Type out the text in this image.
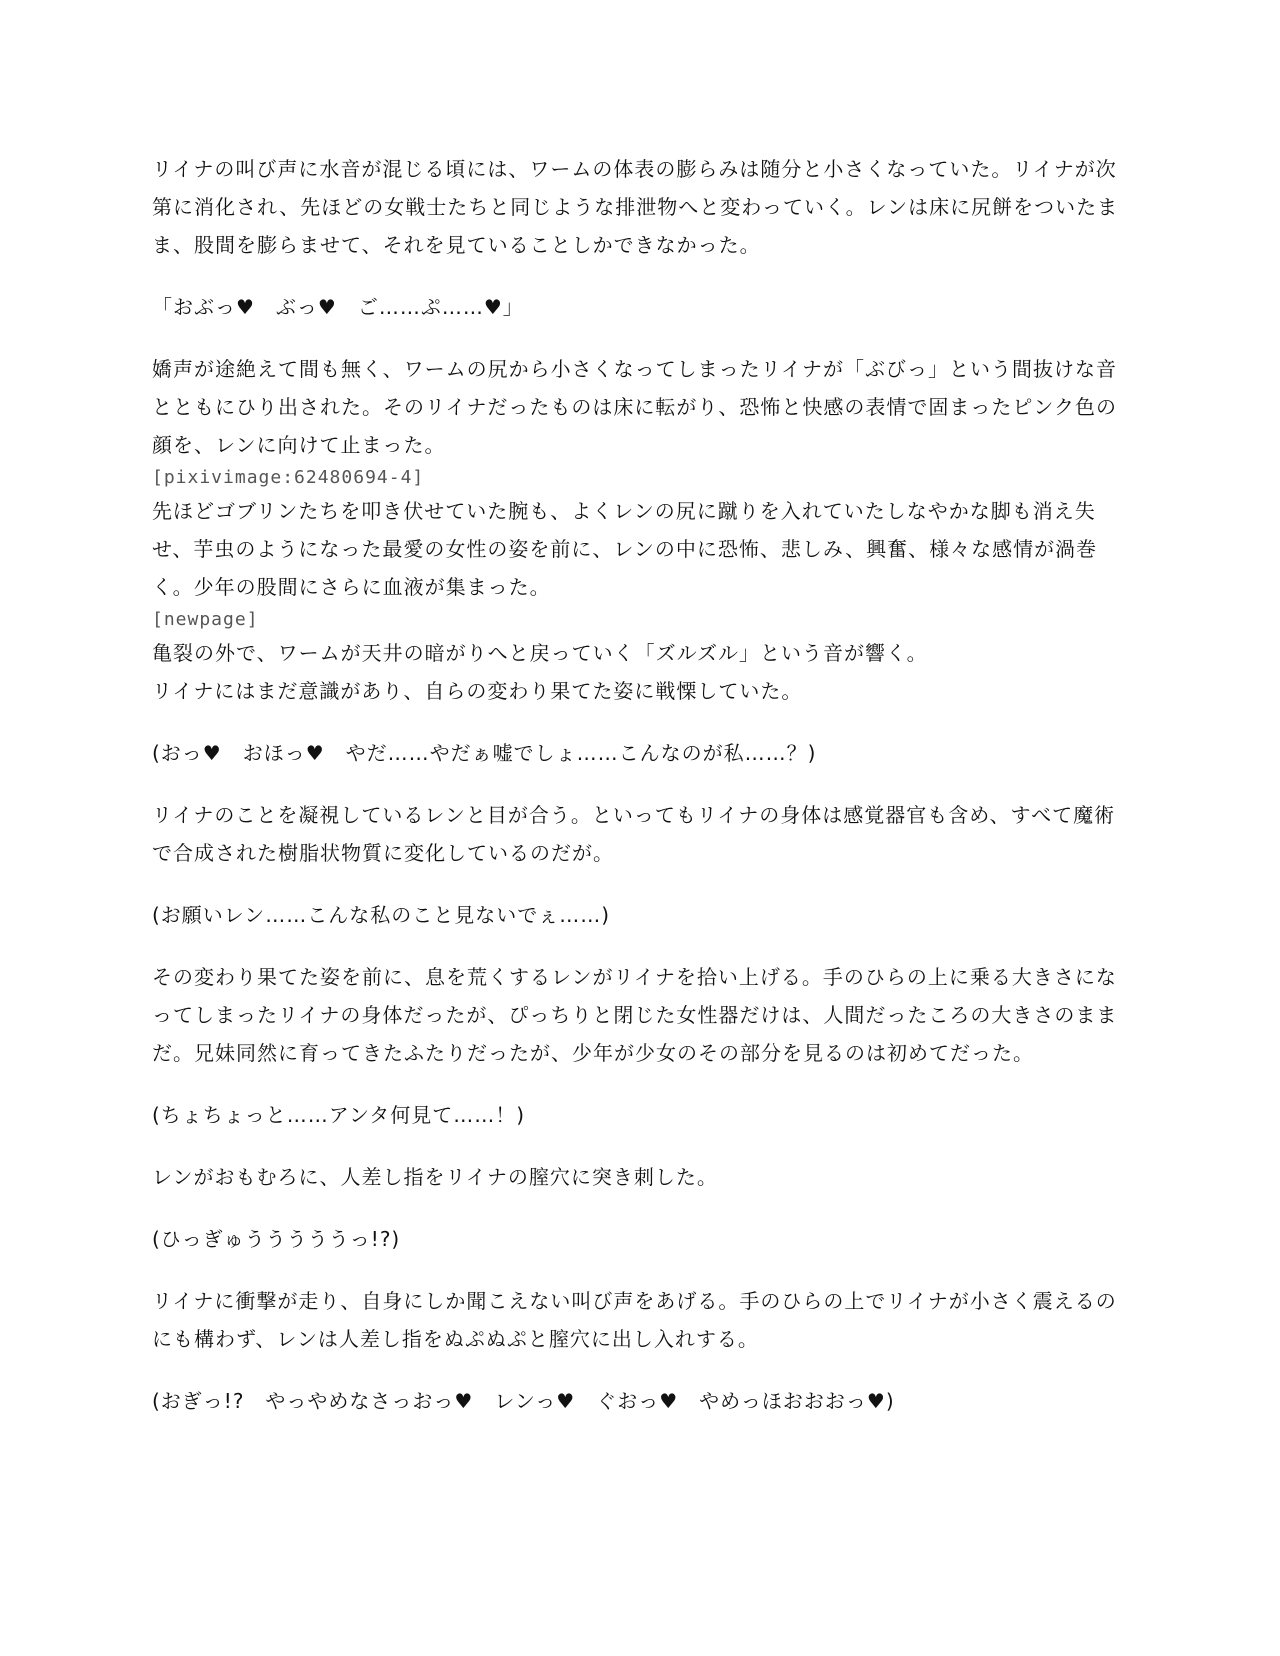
リイナの叫び声に水音が混じる頃には、ワームの体表の膨らみは随分と小さくなっていた。リイナが次第に消化され、先ほどの女戦士たちと同じような排泄物へと変わっていく。レンは床に尻餅をついたまま、股間を膨らませて、それを見ていることしかできなかった。

「おぶっ♥　ぶっ♥　ご……ぷ……♥」

嬌声が途絶えて間も無く、ワームの尻から小さくなってしまったリイナが「ぶびっ」という間抜けな音とともにひり出された。そのリイナだったものは床に転がり、恐怖と快感の表情で固まったピンク色の顔を、レンに向けて止まった。

[pixivimage:62480694-4]

先ほどゴブリンたちを叩き伏せていた腕も、よくレンの尻に蹴りを入れていたしなやかな脚も消え失せ、芋虫のようになった最愛の女性の姿を前に、レンの中に恐怖、悲しみ、興奮、様々な感情が渦巻く。少年の股間にさらに血液が集まった。

[newpage]

亀裂の外で、ワームが天井の暗がりへと戻っていく「ズルズル」という音が響く。

リイナにはまだ意識があり、自らの変わり果てた姿に戦慄していた。

(おっ♥　おほっ♥　やだ……やだぁ嘘でしょ……こんなのが私……？)

リイナのことを凝視しているレンと目が合う。といってもリイナの身体は感覚器官も含め、すべて魔術で合成された樹脂状物質に変化しているのだが。

(お願いレン……こんな私のこと見ないでぇ……)

その変わり果てた姿を前に、息を荒くするレンがリイナを拾い上げる。手のひらの上に乗る大きさになってしまったリイナの身体だったが、ぴっちりと閉じた女性器だけは、人間だったころの大きさのままだ。兄妹同然に育ってきたふたりだったが、少年が少女のその部分を見るのは初めてだった。

(ちょちょっと……アンタ何見て……！)

レンがおもむろに、人差し指をリイナの膣穴に突き刺した。

(ひっぎゅうううううっ!?)

リイナに衝撃が走り、自身にしか聞こえない叫び声をあげる。手のひらの上でリイナが小さく震えるのにも構わず、レンは人差し指をぬぷぬぷと膣穴に出し入れする。

(おぎっ!?　やっやめなさっおっ♥　レンっ♥　ぐおっ♥　やめっほおおおっ♥)
